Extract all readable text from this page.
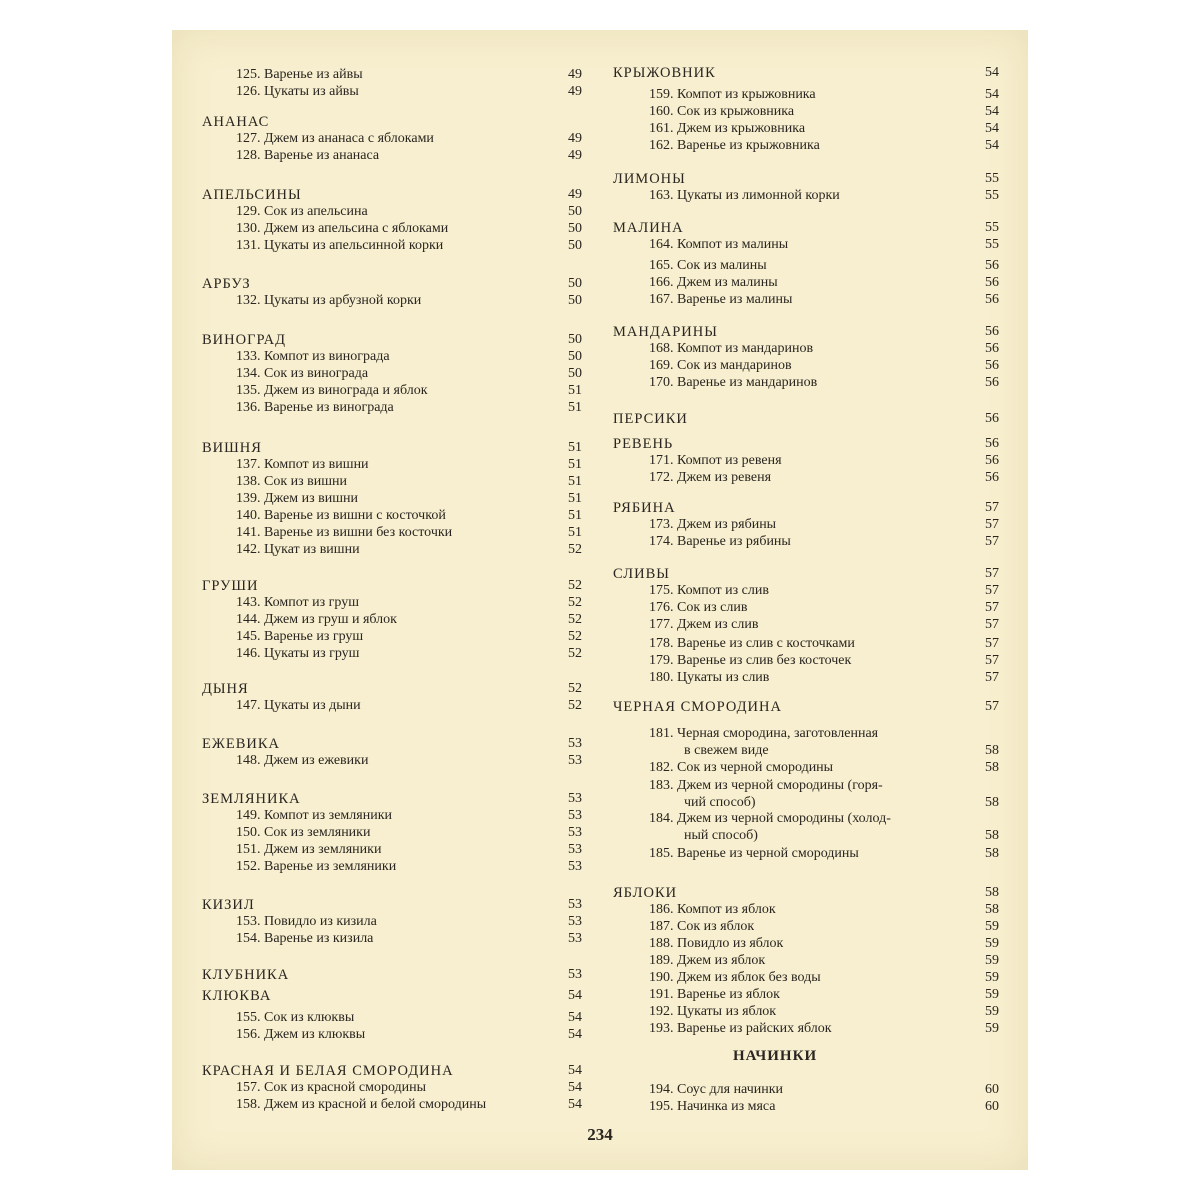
125. Варенье из айвы	49
126. Цукаты из айвы	49
АНАНАС
127. Джем из ананаса с яблоками	49
128. Варенье из ананаса	49
АПЕЛЬСИНЫ	49
129. Сок из апельсина	50
130. Джем из апельсина с яблоками	50
131. Цукаты из апельсинной корки	50
АРБУЗ	50
132. Цукаты из арбузной корки	50
ВИНОГРАД	50
133. Компот из винограда	50
134. Сок из винограда	50
135. Джем из винограда и яблок	51
136. Варенье из винограда	51
ВИШНЯ	51
137. Компот из вишни	51
138. Сок из вишни	51
139. Джем из вишни	51
140. Варенье из вишни с косточкой	51
141. Варенье из вишни без косточки	51
142. Цукат из вишни	52
ГРУШИ	52
143. Компот из груш	52
144. Джем из груш и яблок	52
145. Варенье из груш	52
146. Цукаты из груш	52
ДЫНЯ	52
147. Цукаты из дыни	52
ЕЖЕВИКА	53
148. Джем из ежевики	53
ЗЕМЛЯНИКА	53
149. Компот из земляники	53
150. Сок из земляники	53
151. Джем из земляники	53
152. Варенье из земляники	53
КИЗИЛ	53
153. Повидло из кизила	53
154. Варенье из кизила	53
КЛУБНИКА	53
КЛЮКВА	54
155. Сок из клюквы	54
156. Джем из клюквы	54
КРАСНАЯ И БЕЛАЯ СМОРОДИНА	54
157. Сок из красной смородины	54
158. Джем из красной и белой смородины	54
КРЫЖОВНИК	54
159. Компот из крыжовника	54
160. Сок из крыжовника	54
161. Джем из крыжовника	54
162. Варенье из крыжовника	54
ЛИМОНЫ	55
163. Цукаты из лимонной корки	55
МАЛИНА	55
164. Компот из малины	55
165. Сок из малины	56
166. Джем из малины	56
167. Варенье из малины	56
МАНДАРИНЫ	56
168. Компот из мандаринов	56
169. Сок из мандаринов	56
170. Варенье из мандаринов	56
ПЕРСИКИ	56
РЕВЕНЬ	56
171. Компот из ревеня	56
172. Джем из ревеня	56
РЯБИНА	57
173. Джем из рябины	57
174. Варенье из рябины	57
СЛИВЫ	57
175. Компот из слив	57
176. Сок из слив	57
177. Джем из слив	57
178. Варенье из слив с косточками	57
179. Варенье из слив без косточек	57
180. Цукаты из слив	57
ЧЕРНАЯ СМОРОДИНА	57
181. Черная смородина, заготовленная
в свежем виде	58
182. Сок из черной смородины	58
183. Джем из черной смородины (горя-
чий способ)	58
184. Джем из черной смородины (холод-
ный способ)	58
185. Варенье из черной смородины	58
ЯБЛОКИ	58
186. Компот из яблок	58
187. Сок из яблок	59
188. Повидло из яблок	59
189. Джем из яблок	59
190. Джем из яблок без воды	59
191. Варенье из яблок	59
192. Цукаты из яблок	59
193. Варенье из райских яблок	59
НАЧИНКИ
194. Соус для начинки	60
195. Начинка из мяса	60
234
